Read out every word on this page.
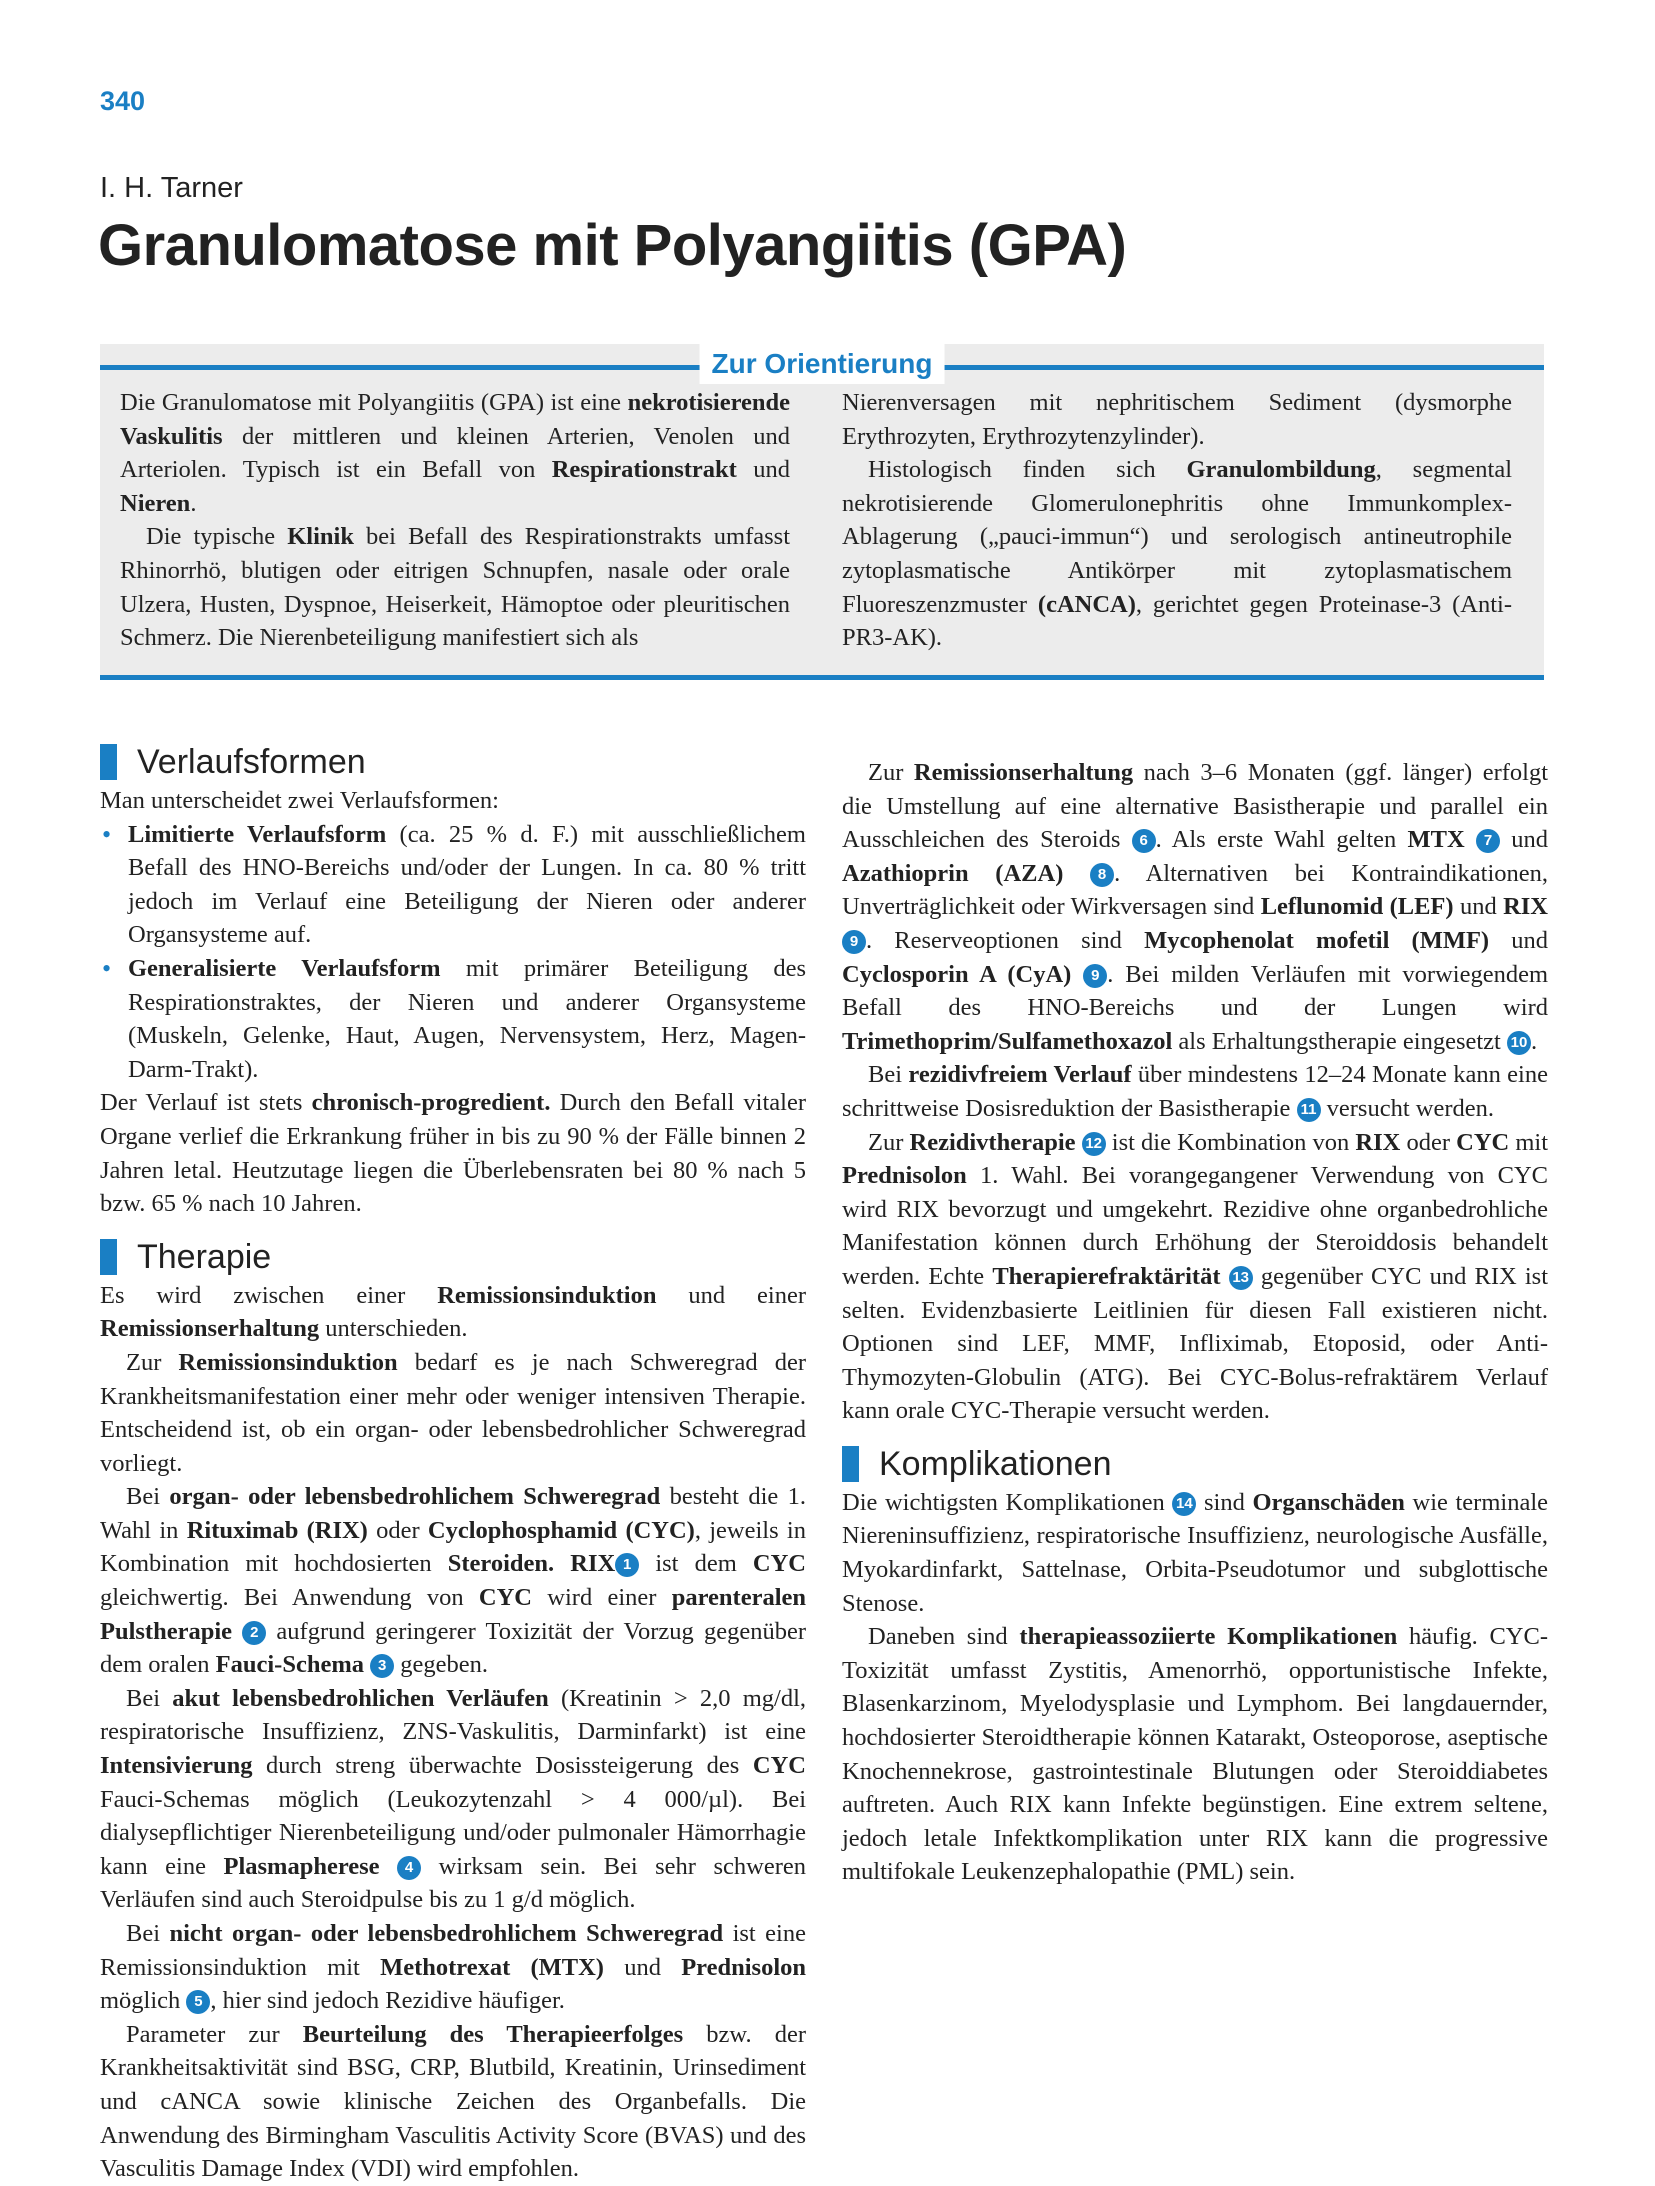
340
I. H. Tarner
Granulomatose mit Polyangiitis (GPA)
Zur Orientierung

Die Granulomatose mit Polyangiitis (GPA) ist eine nekrotisierende Vaskulitis der mittleren und kleinen Arterien, Venolen und Arteriolen. Typisch ist ein Befall von Respirationstrakt und Nieren.

Die typische Klinik bei Befall des Respirationstrakts umfasst Rhinorrhö, blutigen oder eitrigen Schnupfen, nasale oder orale Ulzera, Husten, Dyspnoe, Heiserkeit, Hämoptoe oder pleuritischen Schmerz. Die Nierenbeteiligung manifestiert sich als

Nierenversagen mit nephritischem Sediment (dysmorphe Erythrozyten, Erythrozytenzylinder).

Histologisch finden sich Granulombildung, segmental nekrotisierende Glomerulonephritis ohne Immunkomplex-Ablagerung („pauci-immun“) und serologisch antineutrophile zytoplasmatische Antikörper mit zytoplasmatischem Fluoreszenzmuster (cANCA), gerichtet gegen Proteinase-3 (Anti-PR3-AK).

Verlaufsformen

Man unterscheidet zwei Verlaufsformen:

• Limitierte Verlaufsform (ca. 25 % d. F.) mit ausschließlichem Befall des HNO-Bereichs und/oder der Lungen. In ca. 80 % tritt jedoch im Verlauf eine Beteiligung der Nieren oder anderer Organsysteme auf.
• Generalisierte Verlaufsform mit primärer Beteiligung des Respirationstraktes, der Nieren und anderer Organsysteme (Muskeln, Gelenke, Haut, Augen, Nervensystem, Herz, Magen-Darm-Trakt).

Der Verlauf ist stets chronisch-progredient. Durch den Befall vitaler Organe verlief die Erkrankung früher in bis zu 90 % der Fälle binnen 2 Jahren letal. Heutzutage liegen die Überlebensraten bei 80 % nach 5 bzw. 65 % nach 10 Jahren.

Therapie

Es wird zwischen einer Remissionsinduktion und einer Remissionserhaltung unterschieden.

Zur Remissionsinduktion bedarf es je nach Schweregrad der Krankheitsmanifestation einer mehr oder weniger intensiven Therapie. Entscheidend ist, ob ein organ- oder lebensbedrohlicher Schweregrad vorliegt.

Bei organ- oder lebensbedrohlichem Schweregrad besteht die 1. Wahl in Rituximab (RIX) oder Cyclophosphamid (CYC), jeweils in Kombination mit hochdosierten Steroiden. RIX 1 ist dem CYC gleichwertig. Bei Anwendung von CYC wird einer parenteralen Pulstherapie 2 aufgrund geringerer Toxizität der Vorzug gegenüber dem oralen Fauci-Schema 3 gegeben.

Bei akut lebensbedrohlichen Verläufen (Kreatinin > 2,0 mg/dl, respiratorische Insuffizienz, ZNS-Vaskulitis, Darminfarkt) ist eine Intensivierung durch streng überwachte Dosissteigerung des CYC Fauci-Schemas möglich (Leukozytenzahl > 4 000/µl). Bei dialysepflichtiger Nierenbeteiligung und/oder pulmonaler Hämorrhagie kann eine Plasmapherese 4 wirksam sein. Bei sehr schweren Verläufen sind auch Steroidpulse bis zu 1 g/d möglich.

Bei nicht organ- oder lebensbedrohlichem Schweregrad ist eine Remissionsinduktion mit Methotrexat (MTX) und Prednisolon möglich 5 , hier sind jedoch Rezidive häufiger.

Parameter zur Beurteilung des Therapieerfolges bzw. der Krankheitsaktivität sind BSG, CRP, Blutbild, Kreatinin, Urinsediment und cANCA sowie klinische Zeichen des Organbefalls. Die Anwendung des Birmingham Vasculitis Activity Score (BVAS) und des Vasculitis Damage Index (VDI) wird empfohlen.

Zur Remissionserhaltung nach 3–6 Monaten (ggf. länger) erfolgt die Umstellung auf eine alternative Basistherapie und parallel ein Ausschleichen des Steroids 6 . Als erste Wahl gelten MTX 7 und Azathioprin (AZA) 8 . Alternativen bei Kontraindikationen, Unverträglichkeit oder Wirkversagen sind Leflunomid (LEF) und RIX 9 . Reserveoptionen sind Mycophenolat mofetil (MMF) und Cyclosporin A (CyA) 9 . Bei milden Verläufen mit vorwiegendem Befall des HNO-Bereichs und der Lungen wird Trimethoprim/Sulfamethoxazol als Erhaltungstherapie eingesetzt 10 .

Bei rezidivfreiem Verlauf über mindestens 12–24 Monate kann eine schrittweise Dosisreduktion der Basistherapie 11 versucht werden.

Zur Rezidivtherapie 12 ist die Kombination von RIX oder CYC mit Prednisolon 1. Wahl. Bei vorangegangener Verwendung von CYC wird RIX bevorzugt und umgekehrt. Rezidive ohne organbedrohliche Manifestation können durch Erhöhung der Steroiddosis behandelt werden. Echte Therapierefraktärität 13 gegenüber CYC und RIX ist selten. Evidenzbasierte Leitlinien für diesen Fall existieren nicht. Optionen sind LEF, MMF, Infliximab, Etoposid, oder Anti-Thymozyten-Globulin (ATG). Bei CYC-Bolus-refraktärem Verlauf kann orale CYC-Therapie versucht werden.

Komplikationen

Die wichtigsten Komplikationen 14 sind Organschäden wie terminale Niereninsuffizienz, respiratorische Insuffizienz, neurologische Ausfälle, Myokardinfarkt, Sattelnase, Orbita-Pseudotumor und subglottische Stenose.

Daneben sind therapieassoziierte Komplikationen häufig. CYC-Toxizität umfasst Zystitis, Amenorrhö, opportunistische Infekte, Blasenkarzinom, Myelodysplasie und Lymphom. Bei langdauernder, hochdosierter Steroidtherapie können Katarakt, Osteoporose, aseptische Knochennekrose, gastrointestinale Blutungen oder Steroiddiabetes auftreten. Auch RIX kann Infekte begünstigen. Eine extrem seltene, jedoch letale Infektkomplikation unter RIX kann die progressive multifokale Leukenzephalopathie (PML) sein.
